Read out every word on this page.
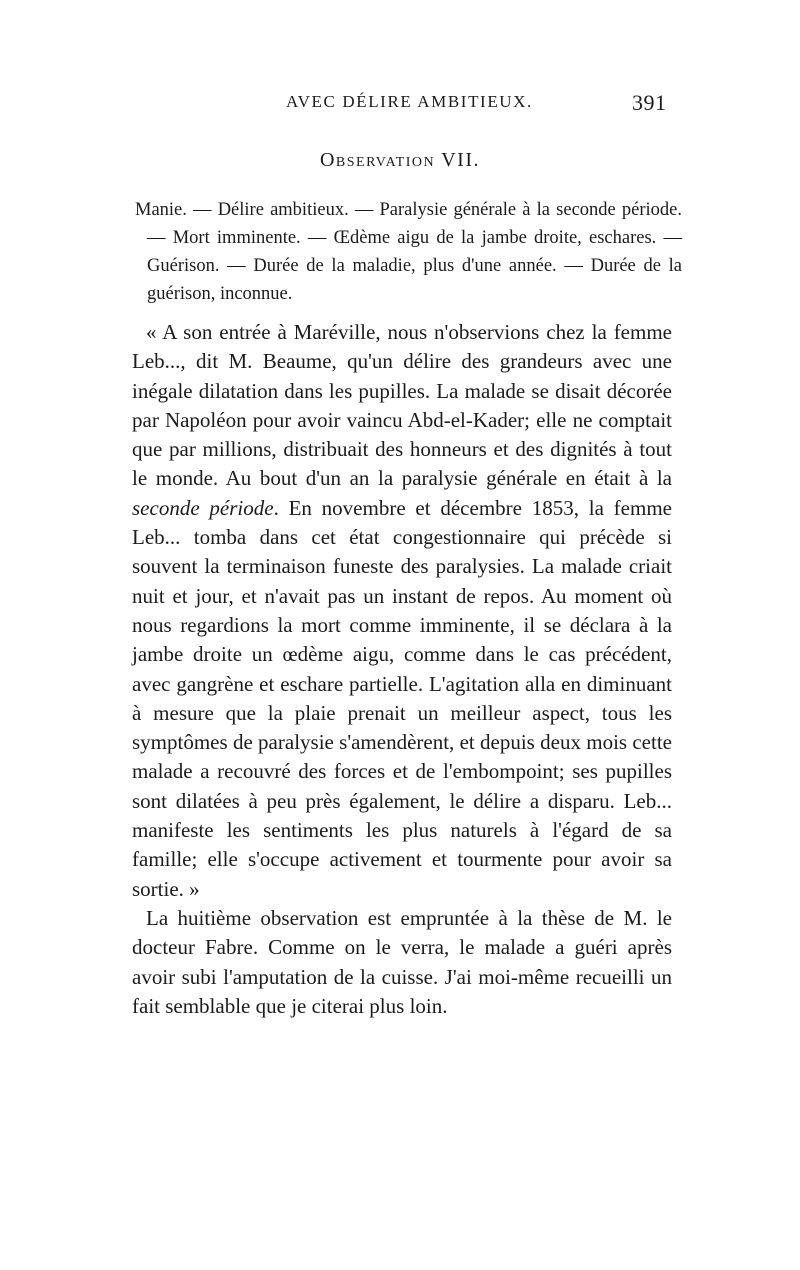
AVEC DÉLIRE AMBITIEUX.	391
Observation VII.
Manie. — Délire ambitieux. — Paralysie générale à la seconde période. — Mort imminente. — Œdème aigu de la jambe droite, eschares. — Guérison. — Durée de la maladie, plus d'une année. — Durée de la guérison, inconnue.

« A son entrée à Maréville, nous n'observions chez la femme Leb..., dit M. Beaume, qu'un délire des grandeurs avec une inégale dilatation dans les pupilles. La malade se disait décorée par Napoléon pour avoir vaincu Abd-el-Kader; elle ne comptait que par millions, distribuait des honneurs et des dignités à tout le monde. Au bout d'un an la paralysie générale en était à la seconde période. En novembre et décembre 1853, la femme Leb... tomba dans cet état congestionnaire qui précède si souvent la terminaison funeste des paralysies. La malade criait nuit et jour, et n'avait pas un instant de repos. Au moment où nous regardions la mort comme imminente, il se déclara à la jambe droite un œdème aigu, comme dans le cas précédent, avec gangrène et eschare partielle. L'agitation alla en diminuant à mesure que la plaie prenait un meilleur aspect, tous les symptômes de paralysie s'amendèrent, et depuis deux mois cette malade a recouvré des forces et de l'embompoint; ses pupilles sont dilatées à peu près également, le délire a disparu. Leb... manifeste les sentiments les plus naturels à l'égard de sa famille; elle s'occupe activement et tourmente pour avoir sa sortie. »

La huitième observation est empruntée à la thèse de M. le docteur Fabre. Comme on le verra, le malade a guéri après avoir subi l'amputation de la cuisse. J'ai moi-même recueilli un fait semblable que je citerai plus loin.
